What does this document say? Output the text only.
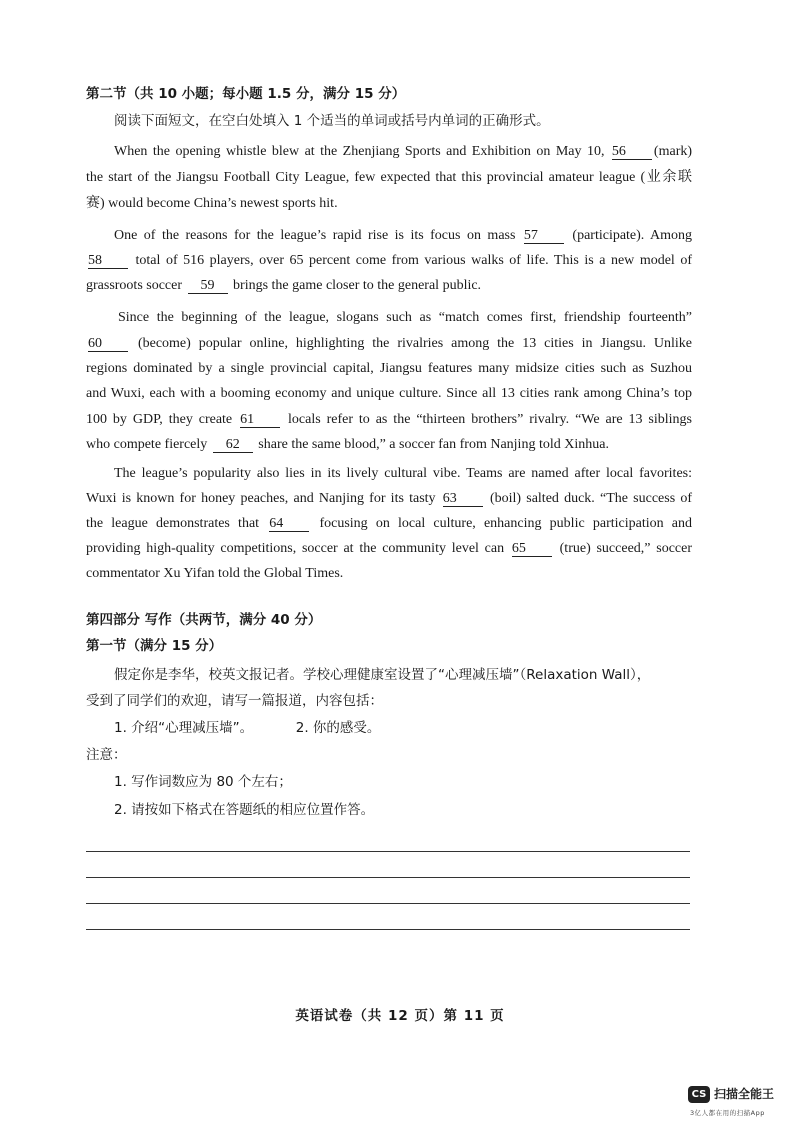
第二节（共 10 小题；每小题 1.5 分，满分 15 分）
阅读下面短文，在空白处填入 1 个适当的单词或括号内单词的正确形式。
When the opening whistle blew at the Zhenjiang Sports and Exhibition on May 10, 56 (mark)
the start of the Jiangsu Football City League, few expected that this provincial amateur league (业余联
赛) would become China’s newest sports hit.
One of the reasons for the league’s rapid rise is its focus on mass 57 (participate). Among
58 total of 516 players, over 65 percent come from various walks of life. This is a new model of
grassroots soccer 59 brings the game closer to the general public.
Since the beginning of the league, slogans such as “match comes first, friendship fourteenth”
60	(become) popular online, highlighting the rivalries among the 13 cities in Jiangsu. Unlike
regions dominated by a single provincial capital, Jiangsu features many midsize cities such as Suzhou
and Wuxi, each with a booming economy and unique culture. Since all 13 cities rank among China’s top
100 by GDP, they create 61 locals refer to as the “thirteen brothers” rivalry. “We are 13 siblings
who compete fiercely 62 share the same blood,” a soccer fan from Nanjing told Xinhua.
The league’s popularity also lies in its lively cultural vibe. Teams are named after local favorites:
Wuxi is known for honey peaches, and Nanjing for its tasty 63 (boil) salted duck. “The success of
the league demonstrates that 64	focusing on local culture, enhancing public participation and
providing high-quality competitions, soccer at the community level can 65 (true) succeed,” soccer
commentator Xu Yifan told the Global Times.
第四部分 写作（共两节，满分 40 分）
第一节（满分 15 分）
假定你是李华，校英文报记者。学校心理健康室设置了“心理减压墙”（Relaxation Wall），
受到了同学们的欢迎，请写一篇报道，内容包括：
1. 介绍“心理减压墙”。	2. 你的感受。
注意：
1. 写作词数应为 80 个左右；
2. 请按如下格式在答题纸的相应位置作答。
英语试卷（共 12 页）第 11 页
CS 扫描全能王
3亿人都在用的扫描App
